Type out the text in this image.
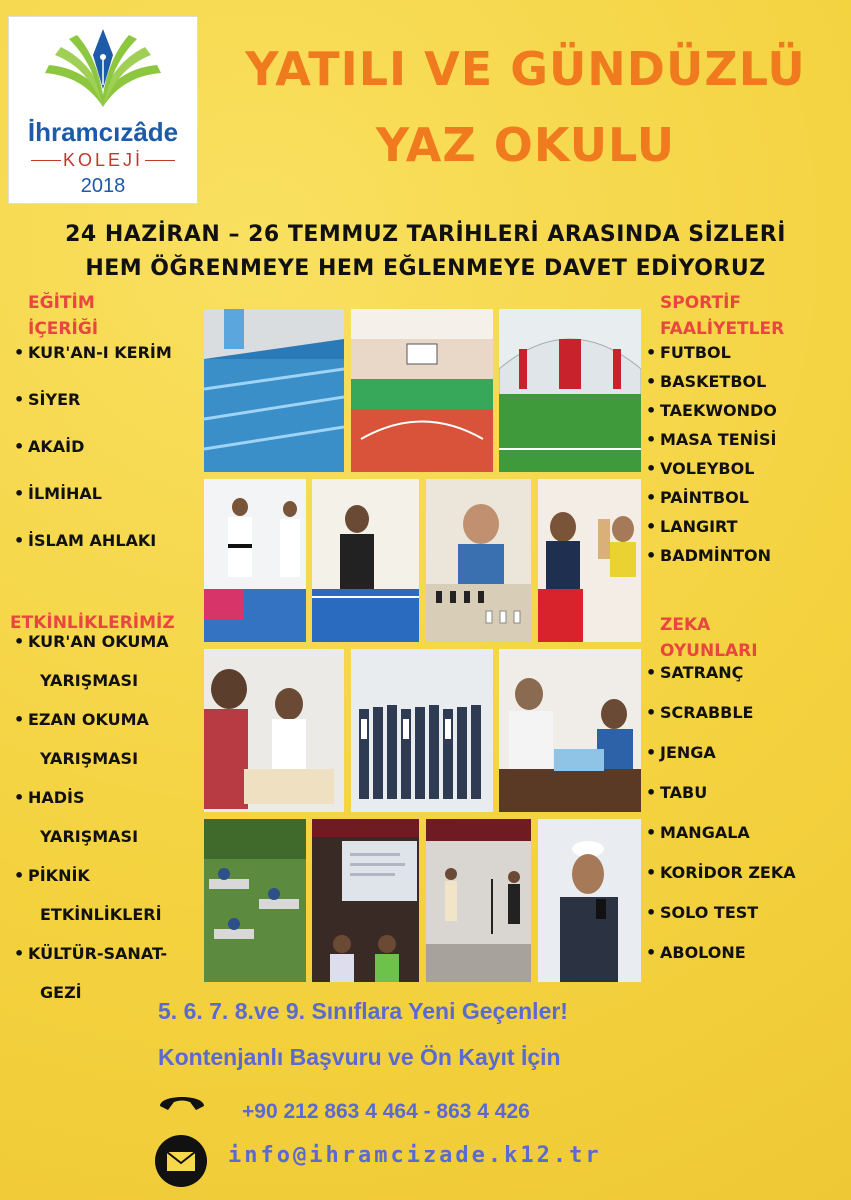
İhramcızâde
KOLEJİ
2018
YATILI VE GÜNDÜZLÜ
YAZ OKULU
24 HAZİRAN – 26 TEMMUZ TARİHLERİ ARASINDA SİZLERİ
HEM ÖĞRENMEYE HEM EĞLENMEYE DAVET EDİYORUZ
EĞİTİM
İÇERİĞİ
• KUR'AN-I KERİM
• SİYER
• AKAİD
• İLMİHAL
• İSLAM AHLAKI
ETKİNLİKLERİMİZ
• KUR'AN OKUMA
YARIŞMASI
• EZAN OKUMA
YARIŞMASI
• HADİS
YARIŞMASI
• PİKNİK
ETKİNLİKLERİ
• KÜLTÜR-SANAT-
GEZİ
SPORTİF
FAALİYETLER
• FUTBOL
• BASKETBOL
• TAEKWONDO
• MASA TENİSİ
• VOLEYBOL
• PAİNTBOL
• LANGIRT
• BADMİNTON
ZEKA
OYUNLARI
• SATRANÇ
• SCRABBLE
• JENGA
• TABU
• MANGALA
• KORİDOR ZEKA
• SOLO TEST
• ABOLONE
5. 6. 7. 8.ve 9. Sınıflara Yeni Geçenler!
Kontenjanlı Başvuru ve Ön Kayıt İçin
+90 212 863 4 464 - 863 4 426
info@ihramcizade.k12.tr
